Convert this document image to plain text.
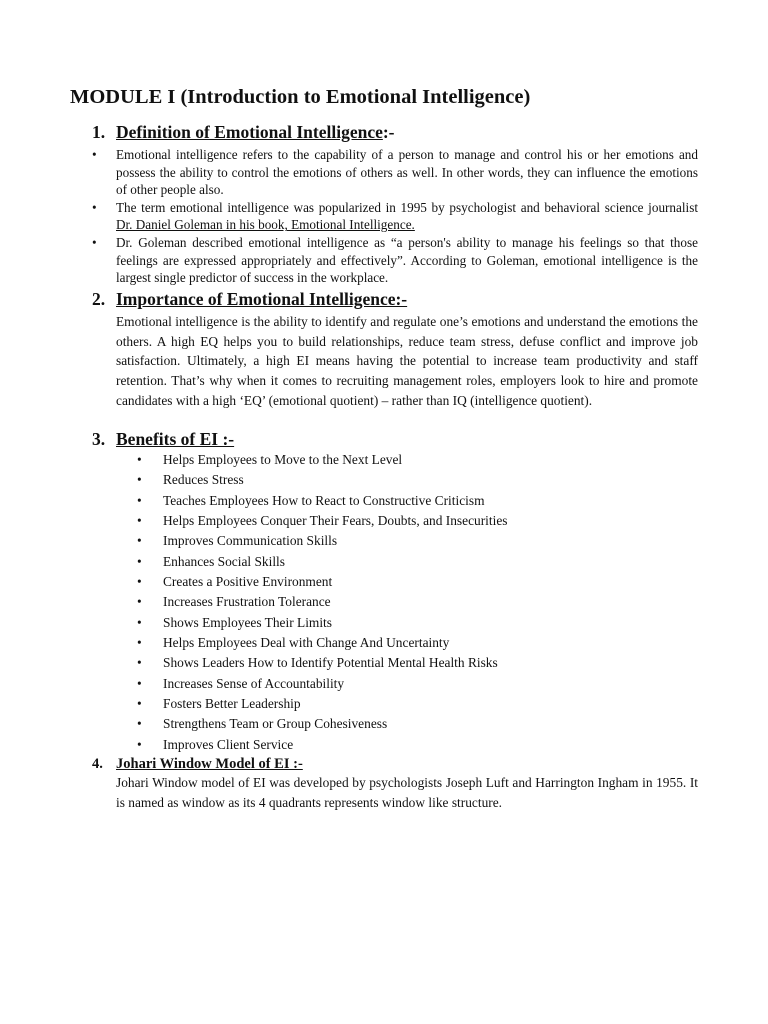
MODULE I (Introduction to Emotional Intelligence)
1. Definition of Emotional Intelligence:-
• Emotional intelligence refers to the capability of a person to manage and control his or her emotions and possess the ability to control the emotions of others as well. In other words, they can influence the emotions of other people also.
• The term emotional intelligence was popularized in 1995 by psychologist and behavioral science journalist Dr. Daniel Goleman in his book, Emotional Intelligence.
• Dr. Goleman described emotional intelligence as “a person's ability to manage his feelings so that those feelings are expressed appropriately and effectively”. According to Goleman, emotional intelligence is the largest single predictor of success in the workplace.
2. Importance of Emotional Intelligence:-

Emotional intelligence is the ability to identify and regulate one’s emotions and understand the emotions the others. A high EQ helps you to build relationships, reduce team stress, defuse conflict and improve job satisfaction. Ultimately, a high EI means having the potential to increase team productivity and staff retention. That’s why when it comes to recruiting management roles, employers look to hire and promote candidates with a high ‘EQ’ (emotional quotient) – rather than IQ (intelligence quotient).

3. Benefits of EI :-
• Helps Employees to Move to the Next Level
• Reduces Stress
• Teaches Employees How to React to Constructive Criticism
• Helps Employees Conquer Their Fears, Doubts, and Insecurities
• Improves Communication Skills
• Enhances Social Skills
• Creates a Positive Environment
• Increases Frustration Tolerance
• Shows Employees Their Limits
• Helps Employees Deal with Change And Uncertainty
• Shows Leaders How to Identify Potential Mental Health Risks
• Increases Sense of Accountability
• Fosters Better Leadership
• Strengthens Team or Group Cohesiveness
• Improves Client Service
4. Johari Window Model of EI :-

Johari Window model of EI was developed by psychologists Joseph Luft and Harrington Ingham in 1955. It is named as window as its 4 quadrants represents window like structure.
